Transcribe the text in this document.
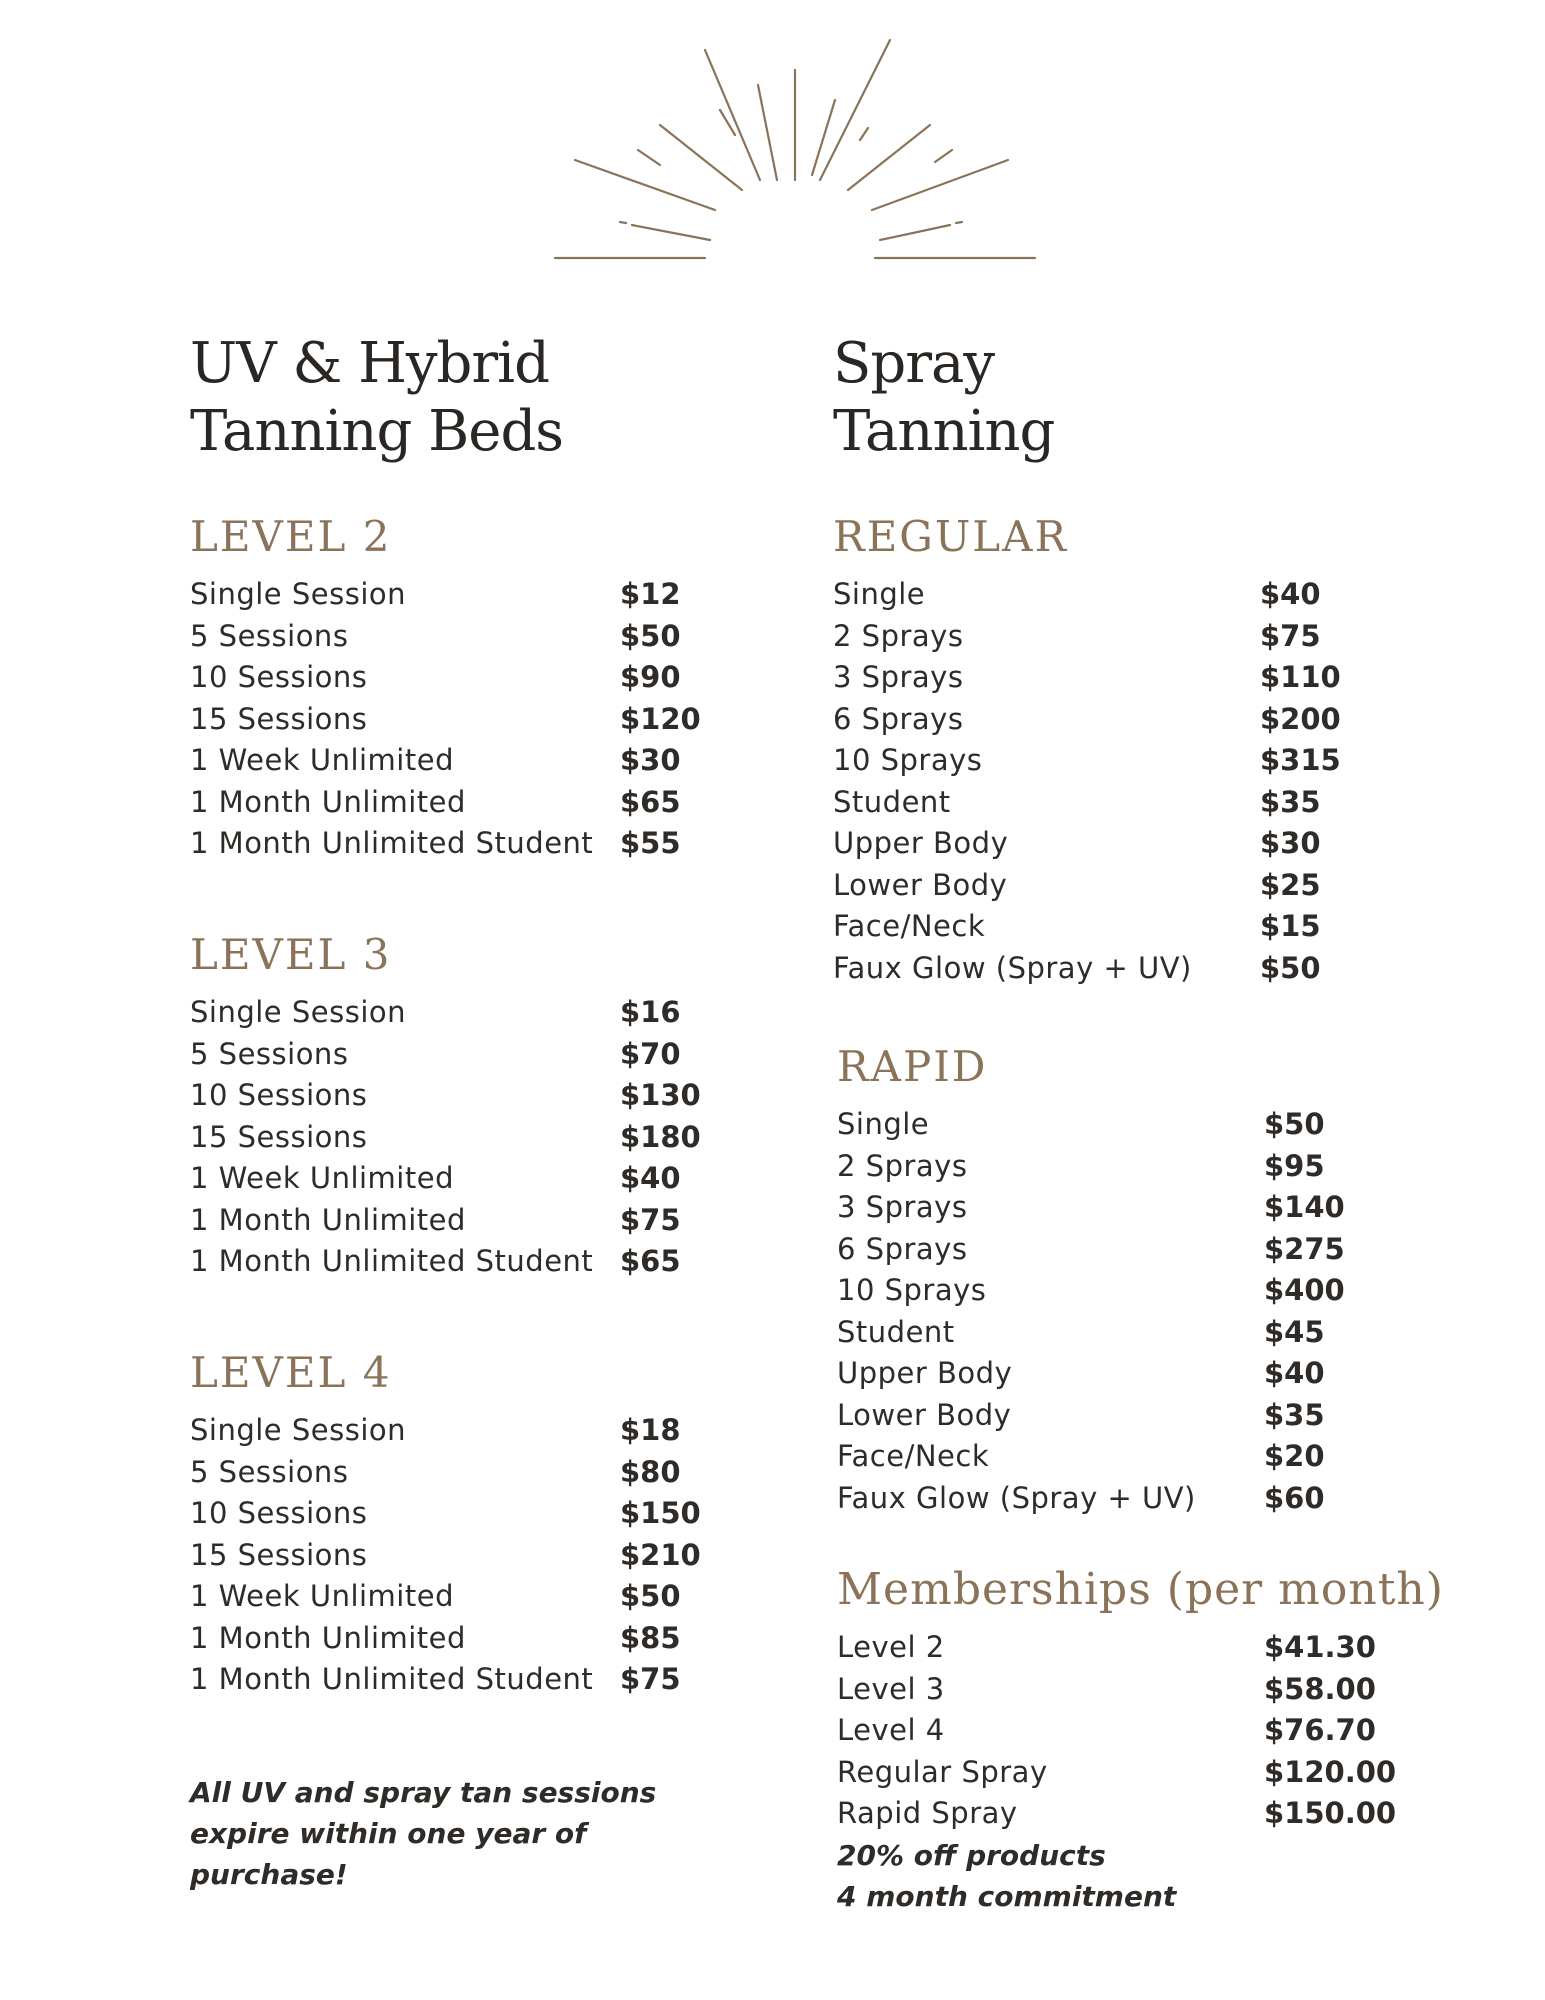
UV & Hybrid
Tanning Beds
LEVEL 2
Single Session	$12
5 Sessions	$50
10 Sessions	$90
15 Sessions	$120
1 Week Unlimited	$30
1 Month Unlimited	$65
1 Month Unlimited Student $55
LEVEL 3
Single Session	$16
5 Sessions	$70
10 Sessions	$130
15 Sessions	$180
1 Week Unlimited	$40
1 Month Unlimited	$75
1 Month Unlimited Student $65
LEVEL 4
Single Session	$18
5 Sessions	$80
10 Sessions	$150
15 Sessions	$210
1 Week Unlimited	$50
1 Month Unlimited	$85
1 Month Unlimited Student $75
All UV and spray tan sessions expire within one year of purchase!
Spray
Tanning
REGULAR
Single	$40
2 Sprays	$75
3 Sprays	$110
6 Sprays	$200
10 Sprays	$315
Student	$35
Upper Body	$30
Lower Body	$25
Face/Neck	$15
Faux Glow (Spray + UV) $50
RAPID
Single	$50
2 Sprays	$95
3 Sprays	$140
6 Sprays	$275
10 Sprays	$400
Student	$45
Upper Body	$40
Lower Body	$35
Face/Neck	$20
Faux Glow (Spray + UV) $60
Memberships (per month)
Level 2	$41.30
Level 3	$58.00
Level 4	$76.70
Regular Spray	$120.00
Rapid Spray	$150.00
20% off products
4 month commitment
